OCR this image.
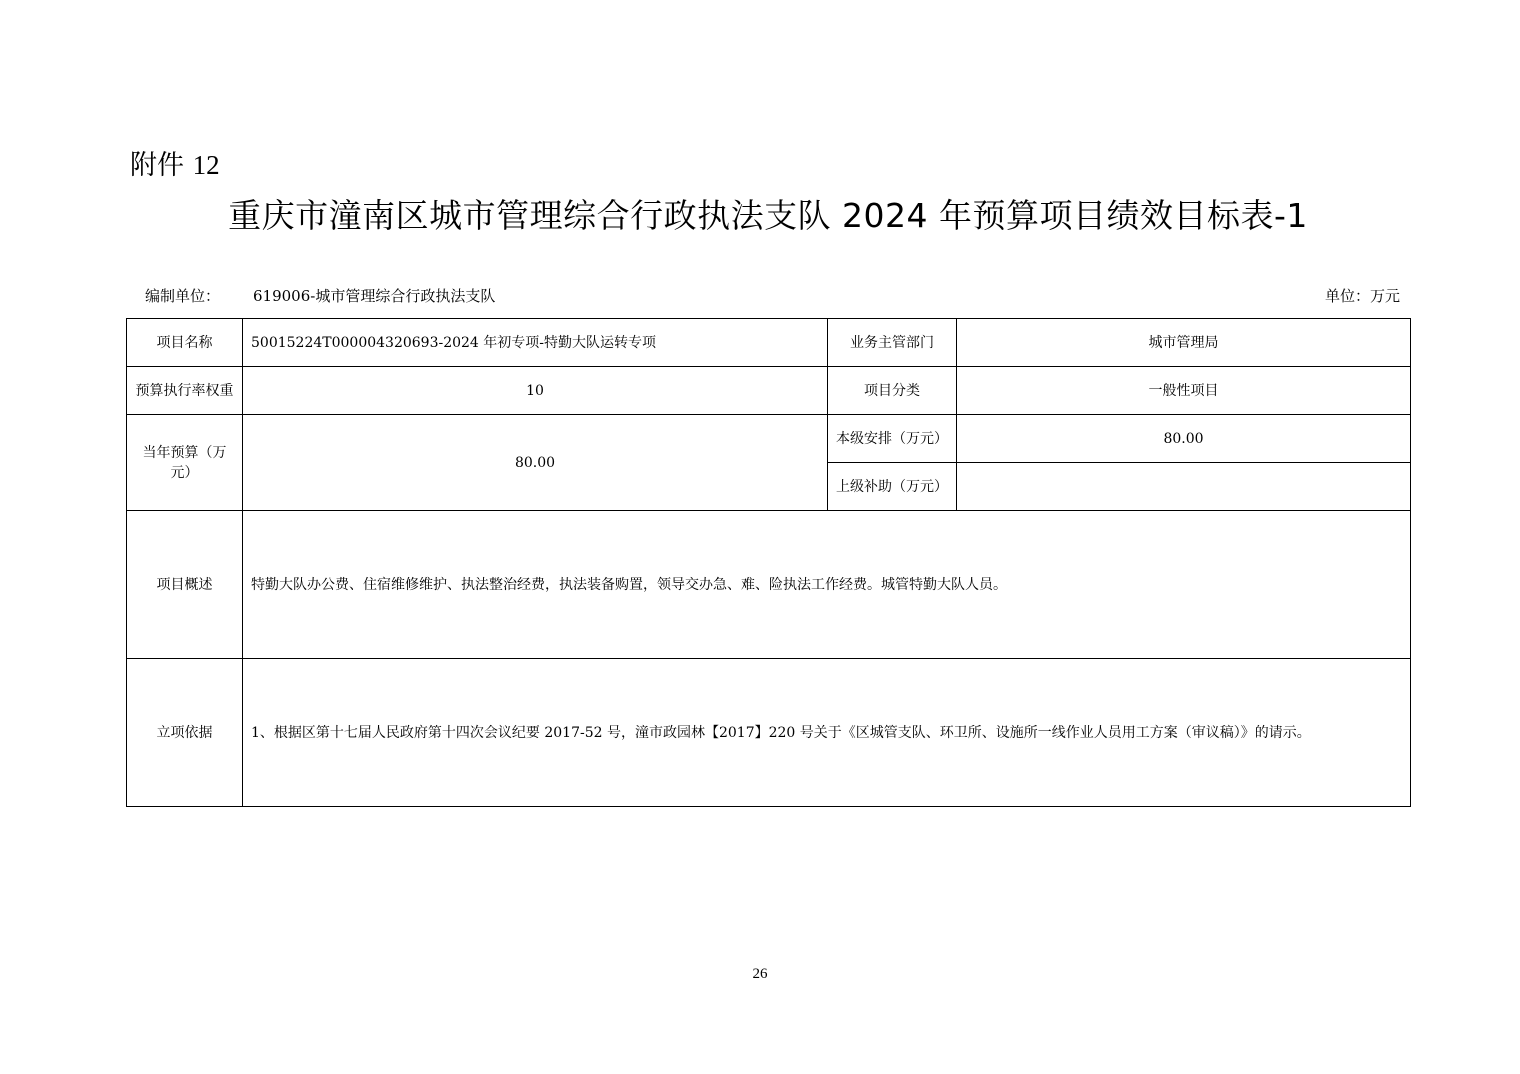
附件 12
重庆市潼南区城市管理综合行政执法支队 2024 年预算项目绩效目标表-1
编制单位： 619006-城市管理综合行政执法支队	单位：万元
项目名称	50015224T000004320693-2024 年初专项-特勤大队运转专项	业务主管部门	城市管理局
预算执行率权重	10	项目分类	一般性项目
当年预算（万元）	80.00	本级安排（万元）	80.00
		上级补助（万元）	
项目概述	特勤大队办公费、住宿维修维护、执法整治经费，执法装备购置，领导交办急、难、险执法工作经费。城管特勤大队人员。		
立项依据	1、根据区第十七届人民政府第十四次会议纪要 2017-52 号，潼市政园林【2017】220 号关于《区城管支队、环卫所、设施所一线作业人员用工方案（审议稿）》的请示。		
26
